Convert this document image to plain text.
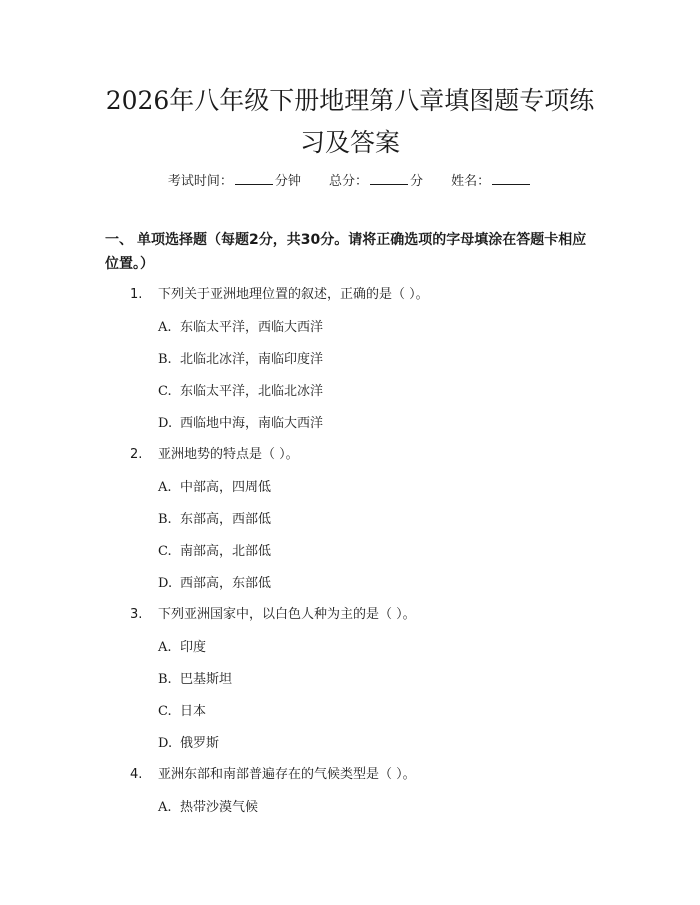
2026年八年级下册地理第八章填图题专项练
习及答案
考试时间：	分钟 总分：	分 姓名：
一、 单项选择题（每题2分，共30分。请将正确选项的字母填涂在答题卡相应
位置。）
1. 下列关于亚洲地理位置的叙述，正确的是（ ）。
A. 东临太平洋，西临大西洋
B. 北临北冰洋，南临印度洋
C. 东临太平洋，北临北冰洋
D. 西临地中海，南临大西洋
2. 亚洲地势的特点是（ ）。
A. 中部高，四周低
B. 东部高，西部低
C. 南部高，北部低
D. 西部高，东部低
3. 下列亚洲国家中，以白色人种为主的是（ ）。
A. 印度
B. 巴基斯坦
C. 日本
D. 俄罗斯
4. 亚洲东部和南部普遍存在的气候类型是（ ）。
A. 热带沙漠气候
